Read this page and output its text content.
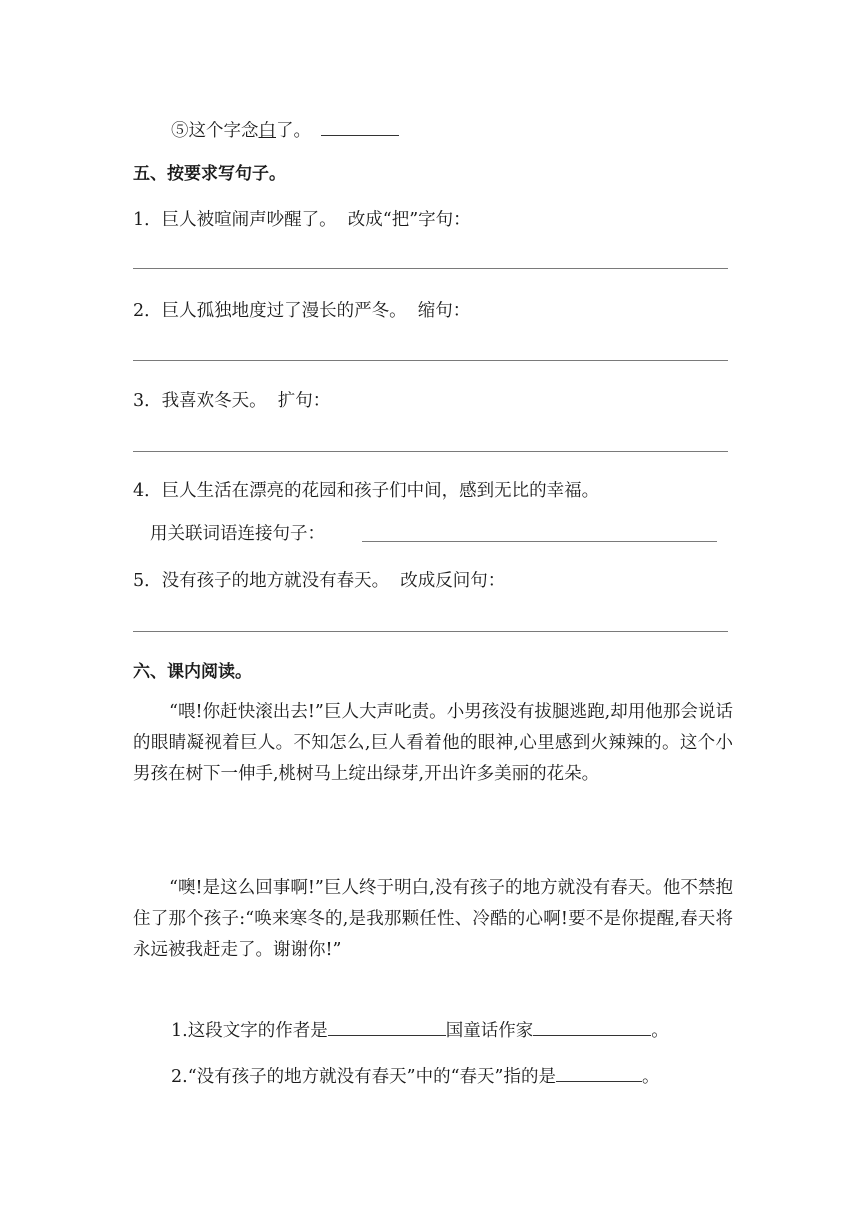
⑤这个字念白了。
五、按要求写句子。
1．巨人被喧闹声吵醒了。 改成“把”字句：
2．巨人孤独地度过了漫长的严冬。 缩句：
3．我喜欢冬天。 扩句：
4．巨人生活在漂亮的花园和孩子们中间，感到无比的幸福。
用关联词语连接句子：
5．没有孩子的地方就没有春天。 改成反问句：
六、课内阅读。
“喂!你赶快滚出去!”巨人大声叱责。小男孩没有拔腿逃跑,却用他那会说话的眼睛凝视着巨人。不知怎么,巨人看着他的眼神,心里感到火辣辣的。这个小男孩在树下一伸手,桃树马上绽出绿芽,开出许多美丽的花朵。
“噢!是这么回事啊!”巨人终于明白,没有孩子的地方就没有春天。他不禁抱住了那个孩子:“唤来寒冬的,是我那颗任性、冷酷的心啊!要不是你提醒,春天将永远被我赶走了。谢谢你!”
1.这段文字的作者是	国童话作家	。
2.“没有孩子的地方就没有春天”中的“春天”指的是	。
